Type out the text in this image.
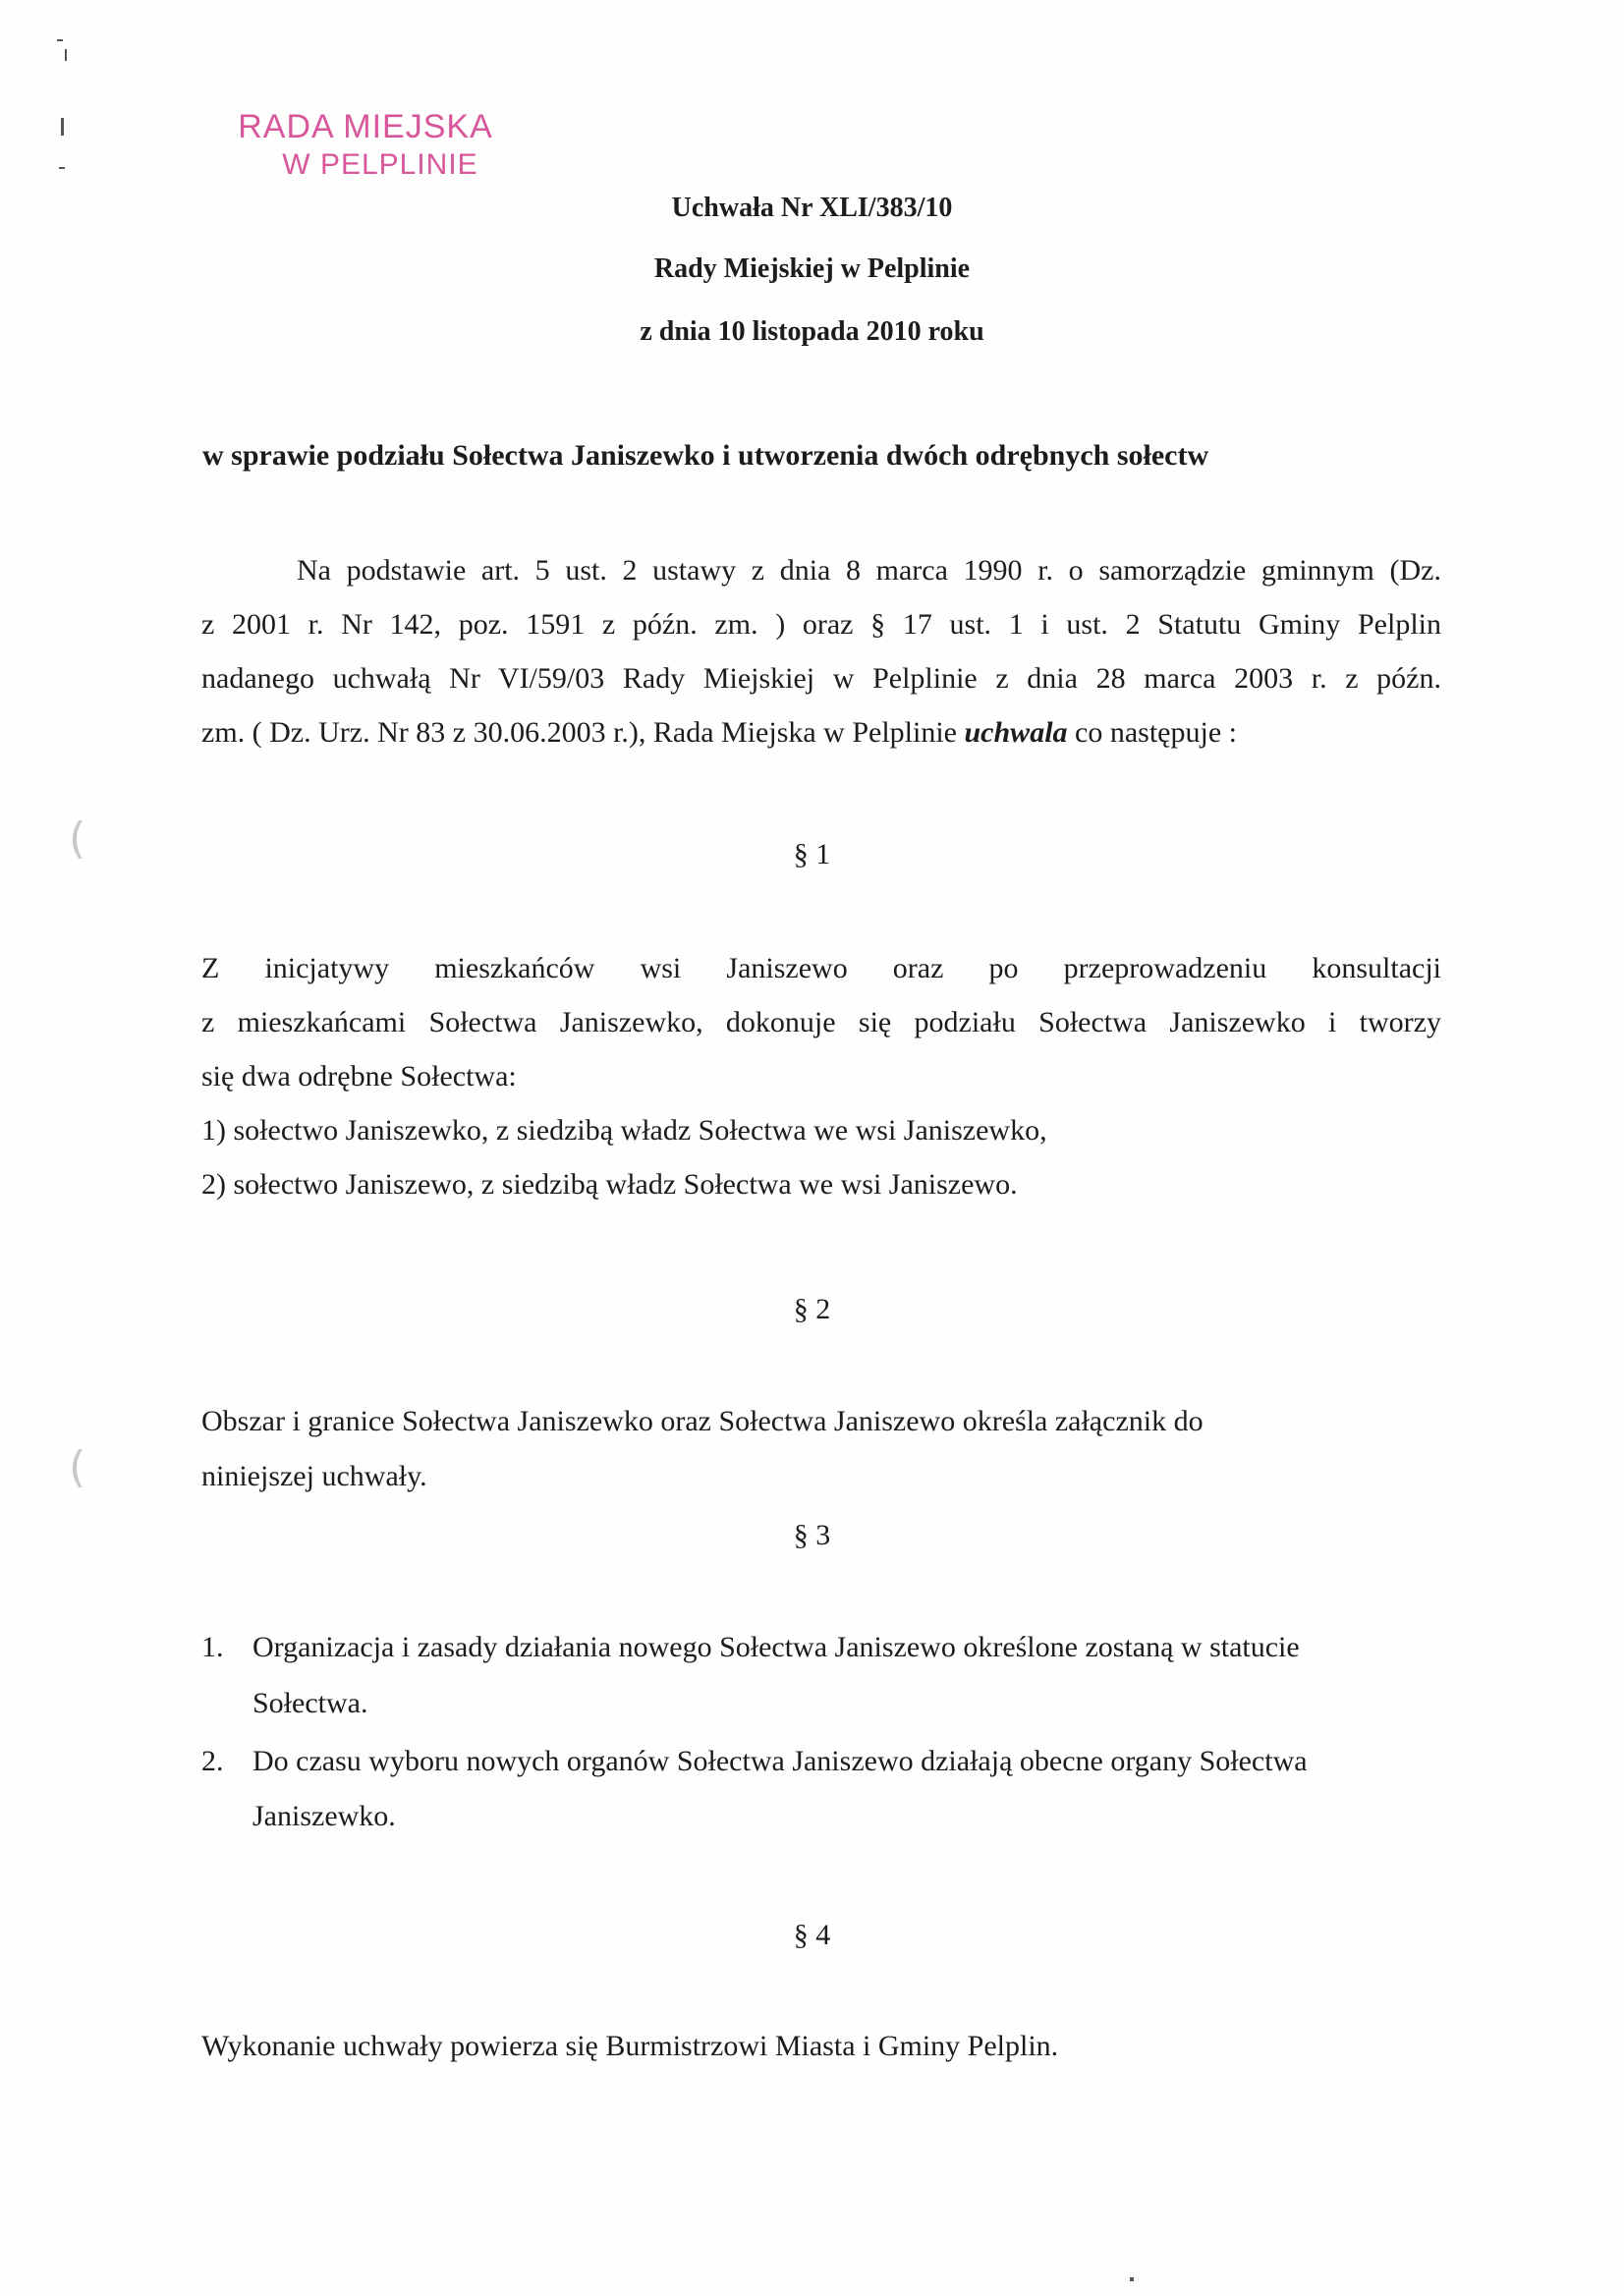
RADA MIEJSKA
W PELPLINIE
Uchwała Nr XLI/383/10
Rady Miejskiej w Pelplinie
z dnia 10 listopada 2010 roku
w sprawie podziału Sołectwa Janiszewko i utworzenia dwóch odrębnych sołectw
Na podstawie art. 5 ust. 2 ustawy z dnia 8 marca 1990 r. o samorządzie gminnym (Dz.
z 2001 r. Nr 142, poz. 1591 z późn. zm. ) oraz § 17 ust. 1 i ust. 2 Statutu Gminy Pelplin
nadanego uchwałą Nr VI/59/03 Rady Miejskiej w Pelplinie z dnia 28 marca 2003 r. z późn.
zm. ( Dz. Urz. Nr 83 z 30.06.2003 r.), Rada Miejska w Pelplinie uchwala co następuje :
(
(
§ 1
Z inicjatywy mieszkańców wsi Janiszewo oraz po przeprowadzeniu konsultacji
z mieszkańcami Sołectwa Janiszewko, dokonuje się podziału Sołectwa Janiszewko i tworzy
się dwa odrębne Sołectwa:
1) sołectwo Janiszewko, z siedzibą władz Sołectwa we wsi Janiszewko,
2) sołectwo Janiszewo, z siedzibą władz Sołectwa we wsi Janiszewo.
§ 2
Obszar i granice Sołectwa Janiszewko oraz Sołectwa Janiszewo określa załącznik do
niniejszej uchwały.
§ 3
1. Organizacja i zasady działania nowego Sołectwa Janiszewo określone zostaną w statucie
Sołectwa.
2. Do czasu wyboru nowych organów Sołectwa Janiszewo działają obecne organy Sołectwa
Janiszewko.
§ 4
Wykonanie uchwały powierza się Burmistrzowi Miasta i Gminy Pelplin.
